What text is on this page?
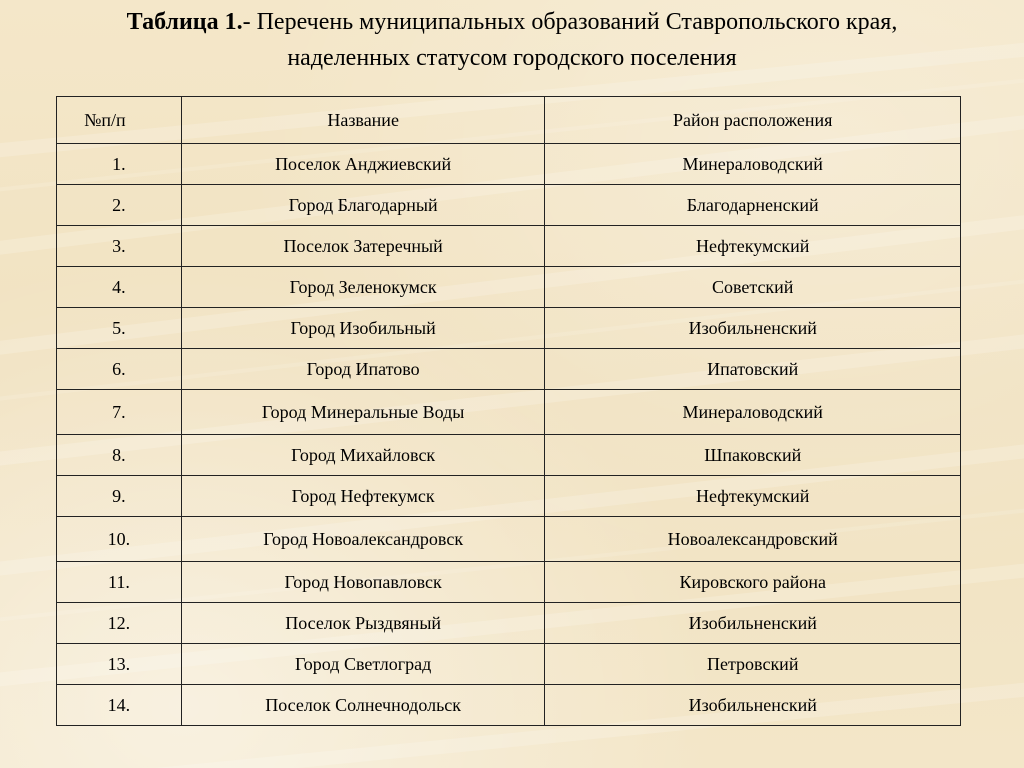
Таблица 1.- Перечень муниципальных образований Ставропольского края,
наделенных статусом городского поселения
№п/п	Название	Район расположения
1.	Поселок Анджиевский	Минераловодский
2.	Город Благодарный	Благодарненский
3.	Поселок Затеречный	Нефтекумский
4.	Город Зеленокумск	Советский
5.	Город Изобильный	Изобильненский
6.	Город Ипатово	Ипатовский
7.	Город Минеральные Воды	Минераловодский
8.	Город Михайловск	Шпаковский
9.	Город Нефтекумск	Нефтекумский
10.	Город Новоалександровск	Новоалександровский
11.	Город Новопавловск	Кировского района
12.	Поселок Рыздвяный	Изобильненский
13.	Город Светлоград	Петровский
14.	Поселок Солнечнодольск	Изобильненский
